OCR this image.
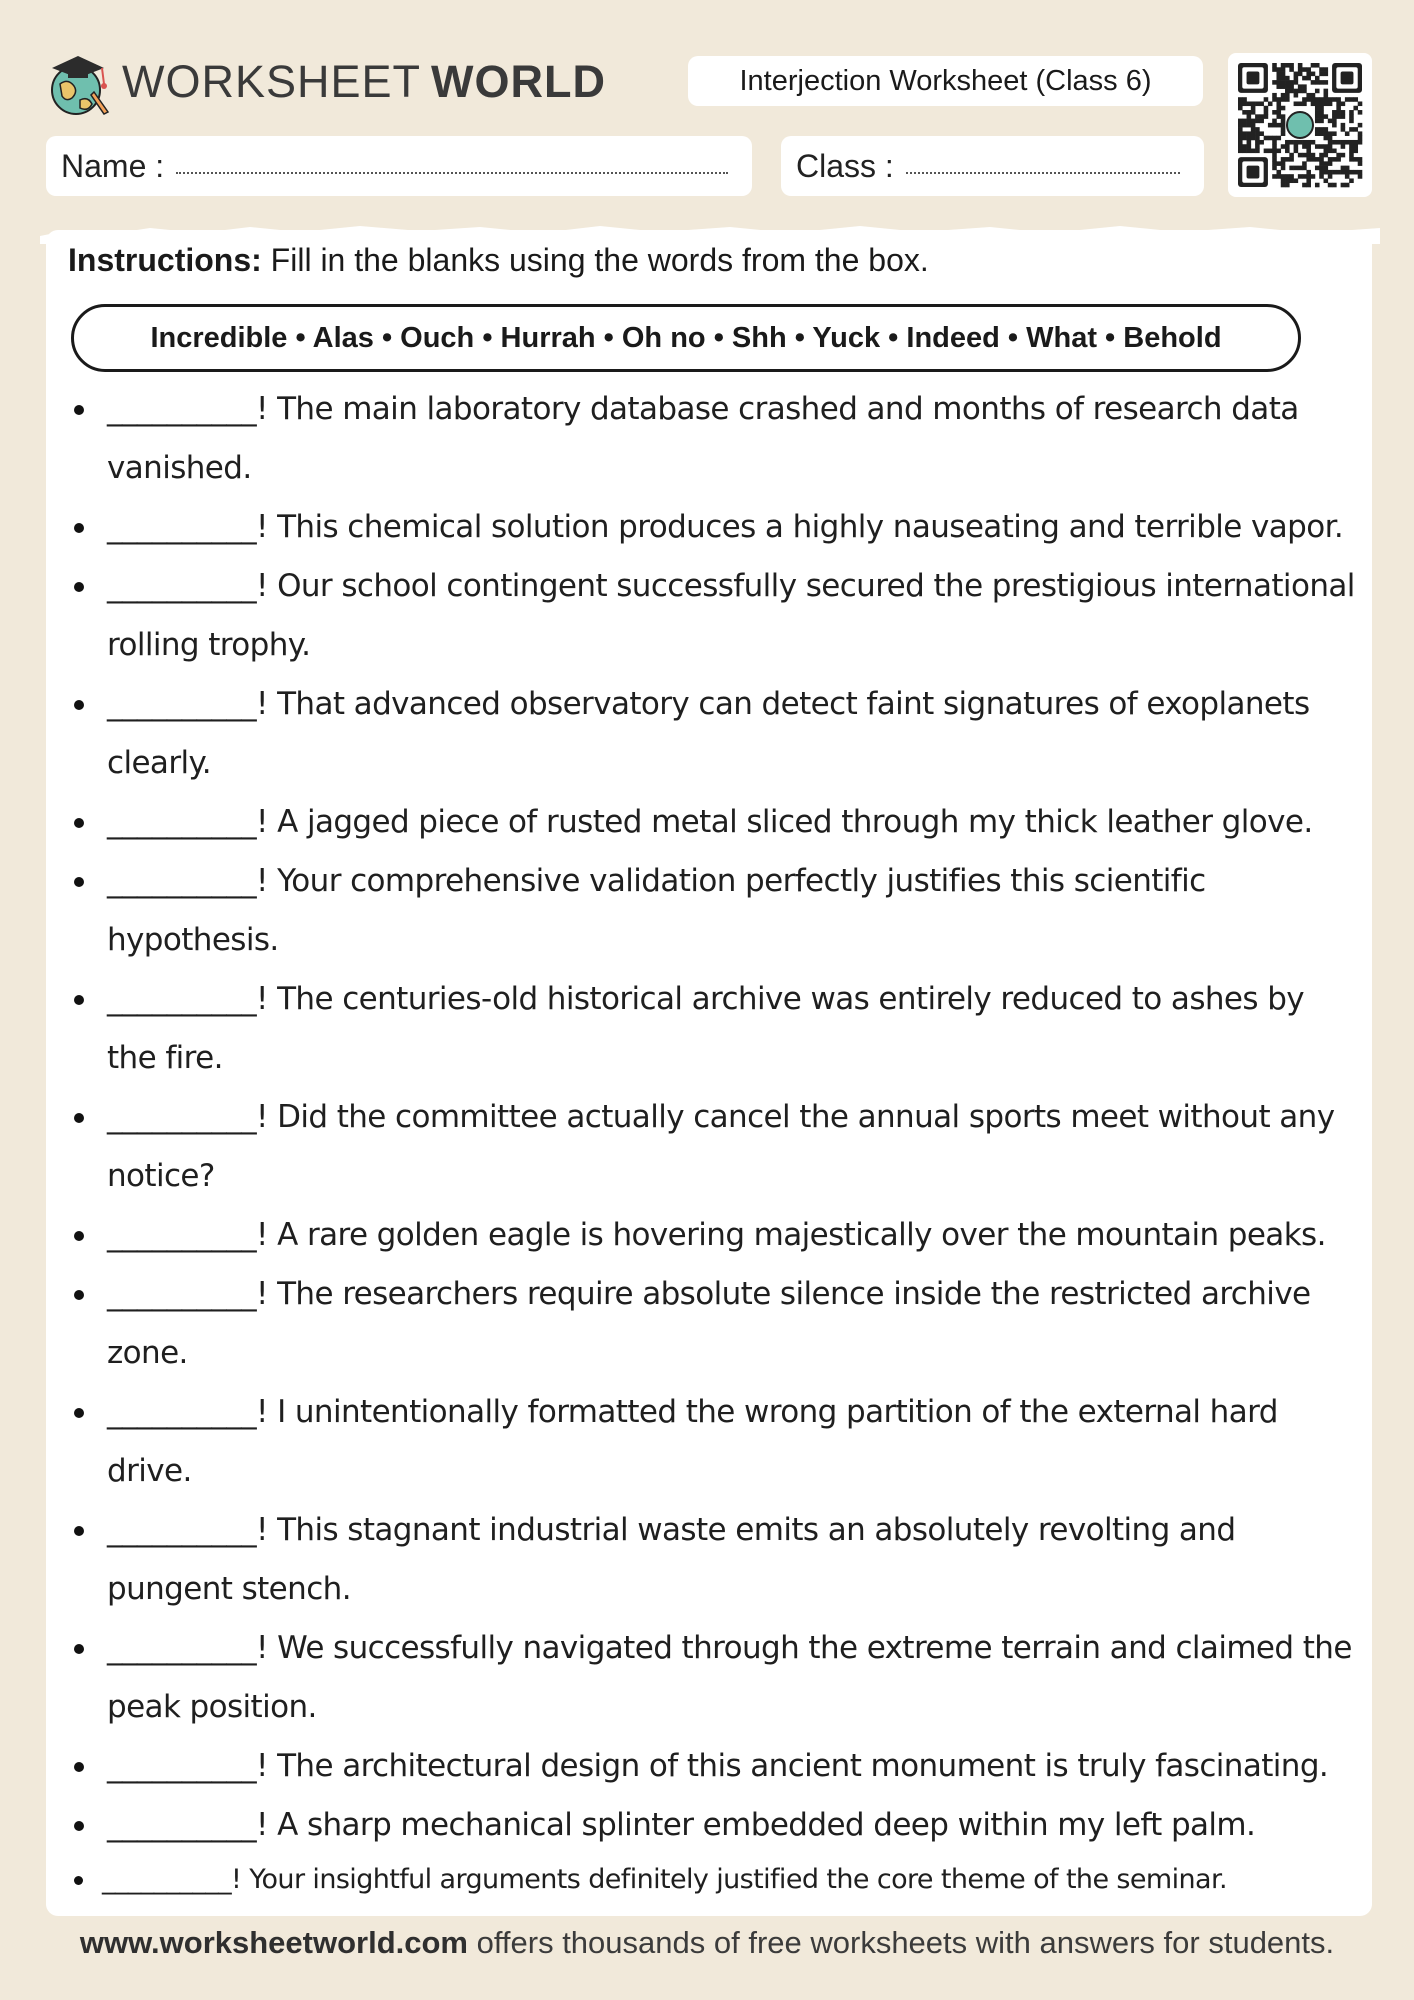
WORKSHEET WORLD	Interjection Worksheet (Class 6)
Name :	Class :
Instructions: Fill in the blanks using the words from the box.
Incredible • Alas • Ouch • Hurrah • Oh no • Shh • Yuck • Indeed • What • Behold
__________! The main laboratory database crashed and months of research data vanished.
__________! This chemical solution produces a highly nauseating and terrible vapor.
__________! Our school contingent successfully secured the prestigious international rolling trophy.
__________! That advanced observatory can detect faint signatures of exoplanets clearly.
__________! A jagged piece of rusted metal sliced through my thick leather glove.
__________! Your comprehensive validation perfectly justifies this scientific hypothesis.
__________! The centuries-old historical archive was entirely reduced to ashes by the fire.
__________! Did the committee actually cancel the annual sports meet without any notice?
__________! A rare golden eagle is hovering majestically over the mountain peaks.
__________! The researchers require absolute silence inside the restricted archive zone.
__________! I unintentionally formatted the wrong partition of the external hard drive.
__________! This stagnant industrial waste emits an absolutely revolting and pungent stench.
__________! We successfully navigated through the extreme terrain and claimed the peak position.
__________! The architectural design of this ancient monument is truly fascinating.
__________! A sharp mechanical splinter embedded deep within my left palm.
__________! Your insightful arguments definitely justified the core theme of the seminar.
www.worksheetworld.com offers thousands of free worksheets with answers for students.
